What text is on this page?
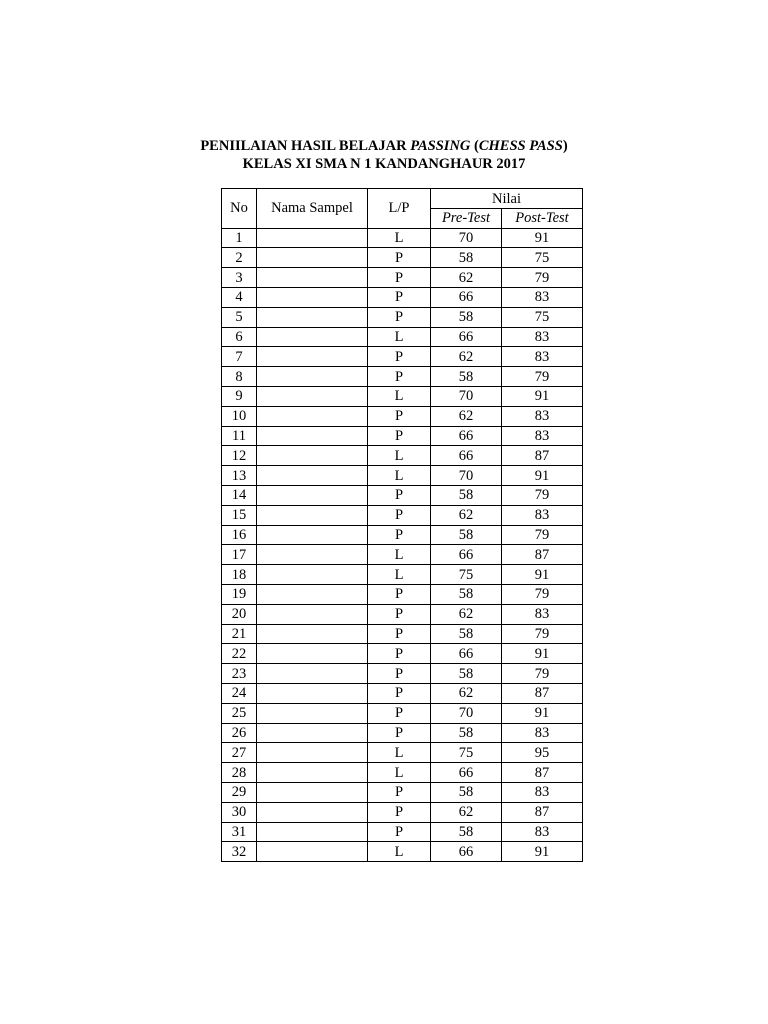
PENIILAIAN HASIL BELAJAR PASSING (CHESS PASS)
KELAS XI SMA N 1 KANDANGHAUR 2017
No	Nama Sampel	L/P	Nilai	
			Pre-Test	Post-Test
1		L	70	91
2		P	58	75
3		P	62	79
4		P	66	83
5		P	58	75
6		L	66	83
7		P	62	83
8		P	58	79
9		L	70	91
10		P	62	83
11		P	66	83
12		L	66	87
13		L	70	91
14		P	58	79
15		P	62	83
16		P	58	79
17		L	66	87
18		L	75	91
19		P	58	79
20		P	62	83
21		P	58	79
22		P	66	91
23		P	58	79
24		P	62	87
25		P	70	91
26		P	58	83
27		L	75	95
28		L	66	87
29		P	58	83
30		P	62	87
31		P	58	83
32		L	66	91
